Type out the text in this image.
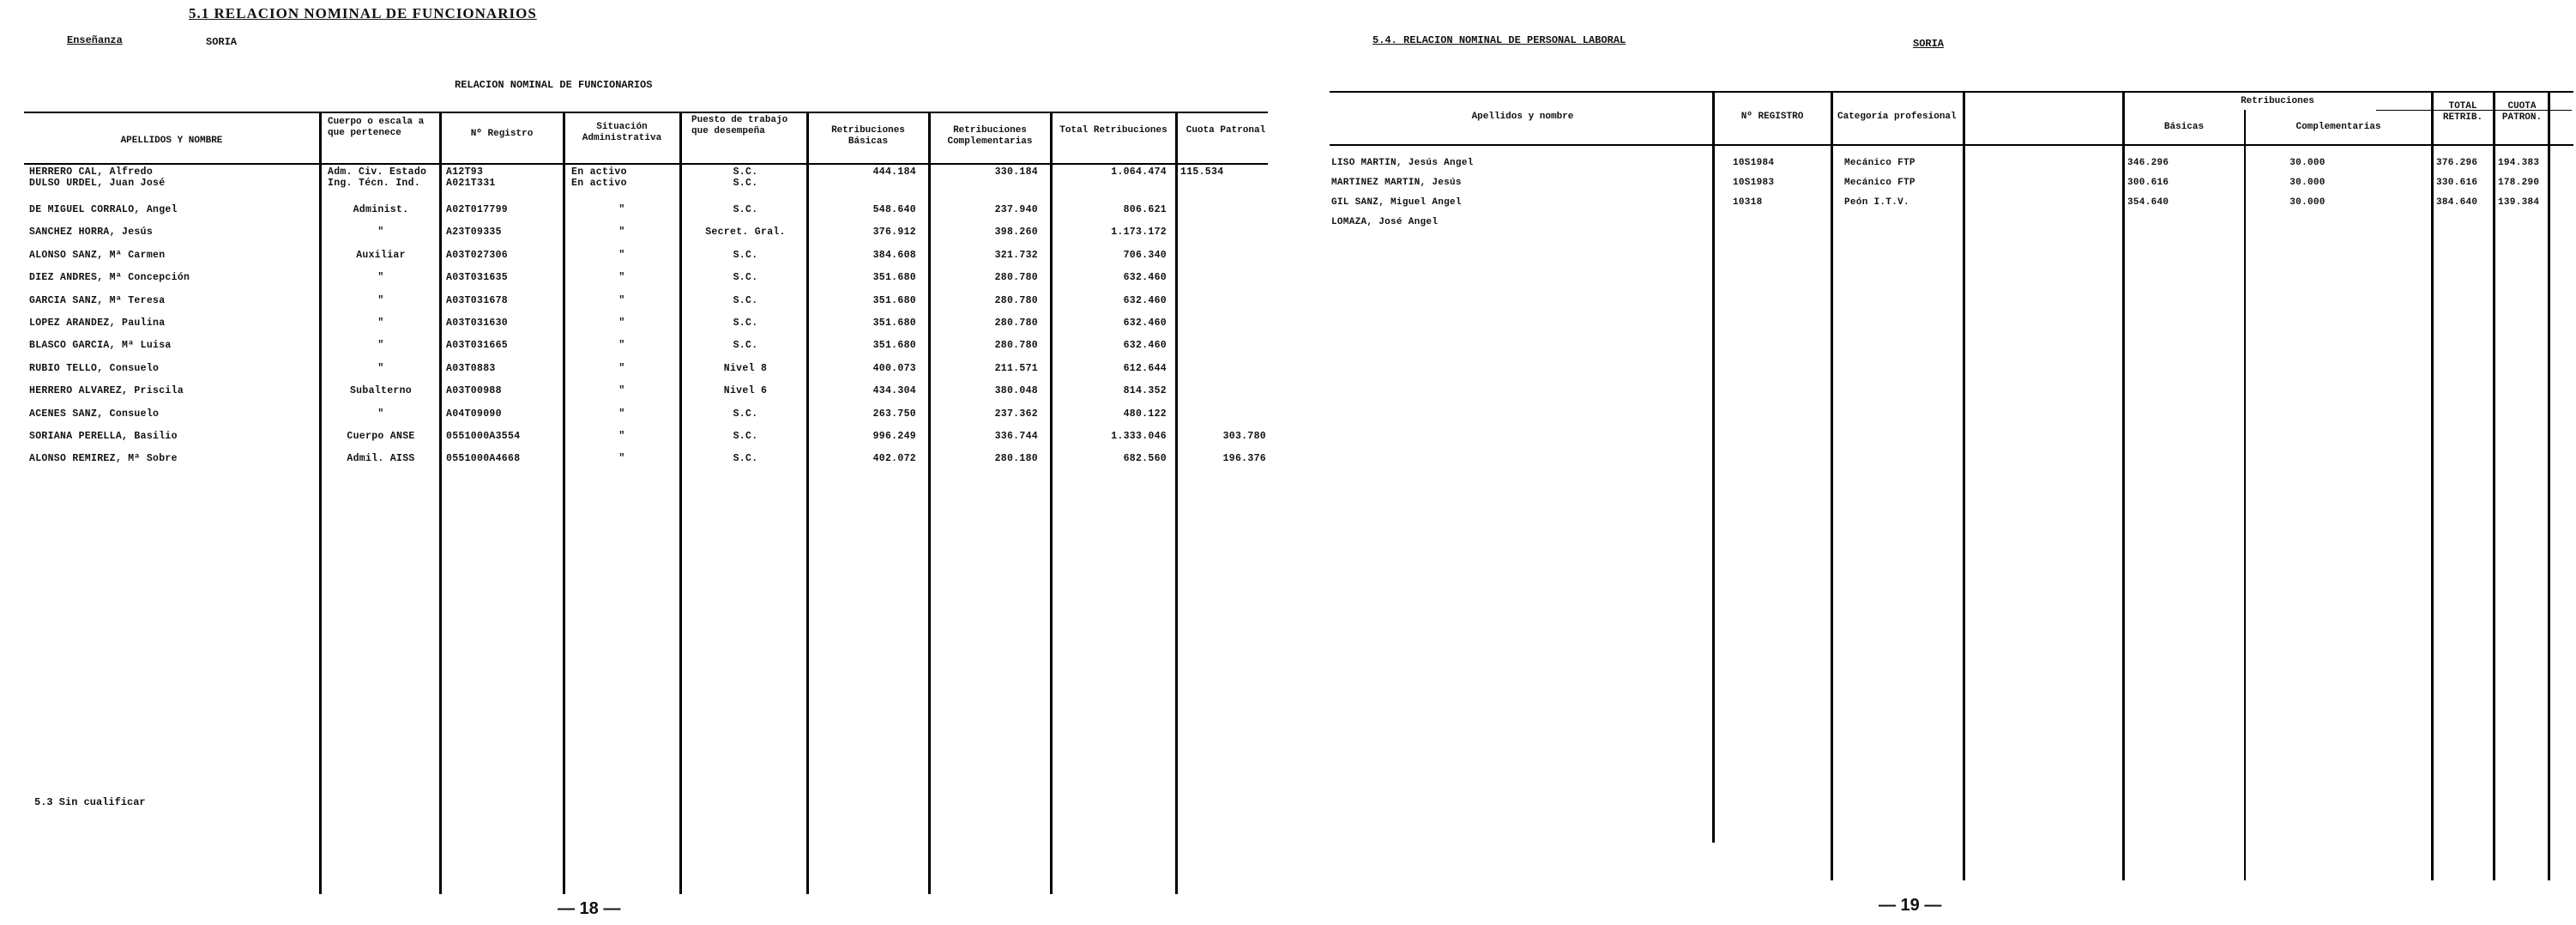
5.1 RELACION NOMINAL DE FUNCIONARIOS
Enseñanza	SORIA
RELACION NOMINAL DE FUNCIONARIOS
APELLIDOS Y NOMBRE
Cuerpo o escala a que pertenece	Nº Registro
Situación Administrativa
Puesto de trabajo que desempeña	Retribuciones Básicas
Retribuciones Complementarias
Total Retribuciones	Cuota Patronal
HERRERO CAL, Alfredo	Adm. Civ. Estado	A12T93	En activo	S.C.	444.184	330.184	1.064.474 115.534
DULSO URDEL, Juan José	Ing. Técn. Ind.	A021T331	En activo	S.C.
DE MIGUEL CORRALO, Angel	Administ.	A02T017799	"	S.C.	548.640	237.940	806.621
SANCHEZ HORRA, Jesús	"	A23T09335	"	Secret. Gral.	376.912	398.260	1.173.172
ALONSO SANZ, Mª Carmen	Auxiliar	A03T027306	"	S.C.	384.608	321.732	706.340
DIEZ ANDRES, Mª Concepción	"	A03T031635	"	S.C.	351.680	280.780	632.460
GARCIA SANZ, Mª Teresa	"	A03T031678	"	S.C.	351.680	280.780	632.460
LOPEZ ARANDEZ, Paulina	"	A03T031630	"	S.C.	351.680	280.780	632.460
BLASCO GARCIA, Mª Luisa	"	A03T031665	"	S.C.	351.680	280.780	632.460
RUBIO TELLO, Consuelo	"	A03T0883	"	Nivel 8	400.073	211.571	612.644
HERRERO ALVAREZ, Priscila	Subalterno	A03T00988	"	Nivel 6	434.304	380.048	814.352
ACENES SANZ, Consuelo	"	A04T09090	"	S.C.	263.750	237.362	480.122
SORIANA PERELLA, Basilio	Cuerpo ANSE	0551000A3554	"	S.C.	996.249	336.744	1.333.046	303.780
ALONSO REMIREZ, Mª Sobre	Admil. AISS	0551000A4668	"	S.C.	402.072	280.180	682.560	196.376
5.3 Sin cualificar
— 18 —
5.4. RELACION NOMINAL DE PERSONAL LABORAL	SORIA
Apellidos y nombre	Nº REGISTRO	Categoría profesional
Retribuciones
Básicas	Complementarias
TOTAL RETRIB.
CUOTA PATRON.
LISO MARTIN, Jesús Angel	10S1984	Mecánico FTP	346.296	30.000	376.296	194.383
MARTINEZ MARTIN, Jesús	10S1983	Mecánico FTP	300.616	30.000	330.616	178.290
GIL SANZ, Miguel Angel	10318	Peón I.T.V.	354.640	30.000	384.640	139.384
LOMAZA, José Angel
— 19 —
